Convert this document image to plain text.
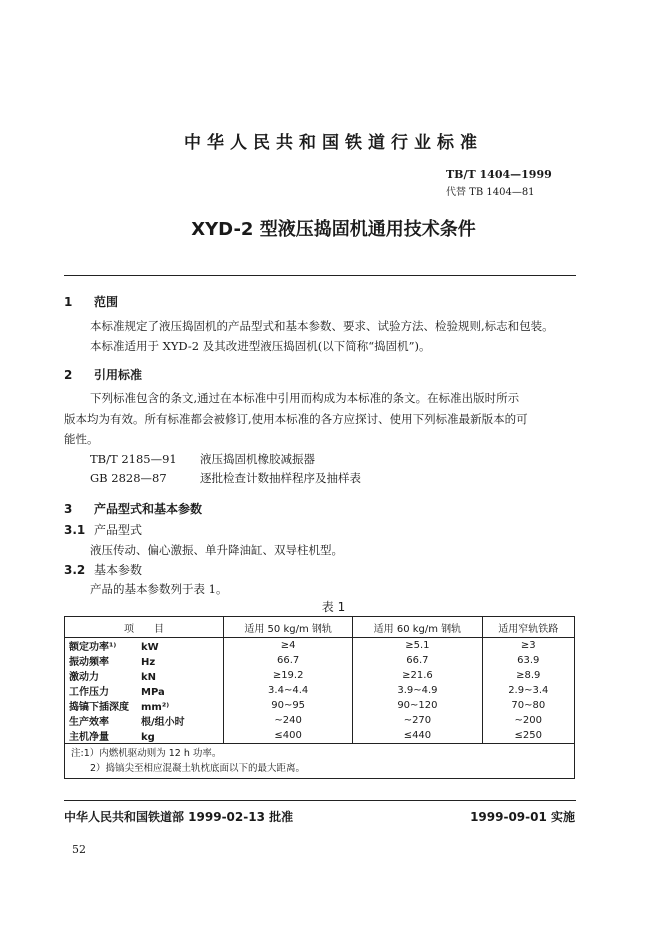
中华人民共和国铁道行业标准
TB/T 1404—1999
代替 TB 1404—81
XYD-2 型液压捣固机通用技术条件
1 范围
本标准规定了液压捣固机的产品型式和基本参数、要求、试验方法、检验规则,标志和包装。
本标准适用于 XYD-2 及其改进型液压捣固机(以下简称“捣固机”)。
2 引用标准
下列标准包含的条文,通过在本标准中引用而构成为本标准的条文。在标准出版时所示
版本均为有效。所有标准都会被修订,使用本标准的各方应探讨、使用下列标准最新版本的可
能性。
TB/T 2185—91 液压捣固机橡胶减振器
GB 2828—87	逐批检查计数抽样程序及抽样表
3 产品型式和基本参数
3.1 产品型式
液压传动、偏心激振、单升降油缸、双导柱机型。
3.2 基本参数
产品的基本参数列于表 1。
表 1
项　　目	适用 50 kg/m 钢轨	适用 60 kg/m 钢轨	适用窄轨铁路
额定功率¹⁾ kW	≥4	≥5.1	≥3
振动频率 Hz	66.7	66.7	63.9
激动力 kN	≥19.2	≥21.6	≥8.9
工作压力 MPa	3.4~4.4	3.9~4.9	2.9~3.4
捣镐下插深度 mm²⁾	90~95	90~120	70~80
生产效率 根/组小时	~240	~270	~200
主机净量 kg	≤400	≤440	≤250

注:1）内燃机驱动则为 12 h 功率。
　　2）捣镐尖至相应混凝土轨枕底面以下的最大距离。			
中华人民共和国铁道部 1999-02-13 批准	1999-09-01 实施
52
